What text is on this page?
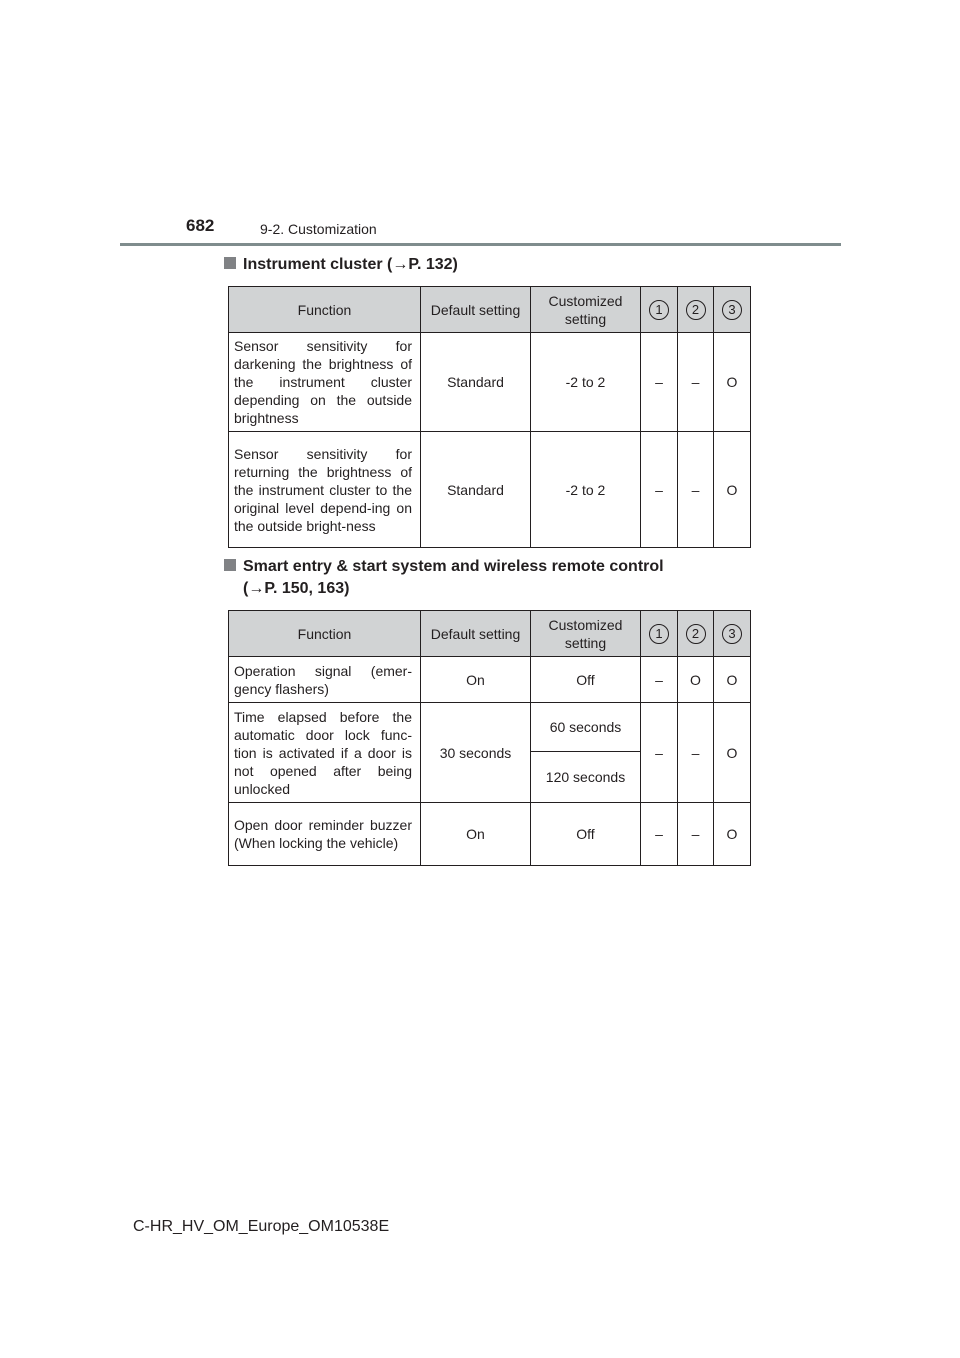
682	9-2. Customization
Instrument cluster (→P. 132)
Function	Default setting	Customized setting	1	2	3
Sensor sensitivity for darkening the brightness of the instrument cluster depending on the outside brightness	Standard	-2 to 2	–	–	O
Sensor sensitivity for returning the brightness of the instrument cluster to the original level depend-ing on the outside bright-ness	Standard	-2 to 2	–	–	O
Smart entry & start system and wireless remote control
(→P. 150, 163)
Function	Default setting	Customized setting	1	2	3
Operation signal (emer-gency flashers)	On	Off	–	O	O
Time elapsed before the automatic door lock func-tion is activated if a door is not opened after being unlocked	30 seconds	60 seconds	–	–	O
		120 seconds			
Open door reminder buzzer (When locking the vehicle)	On	Off	–	–	O
C-HR_HV_OM_Europe_OM10538E
